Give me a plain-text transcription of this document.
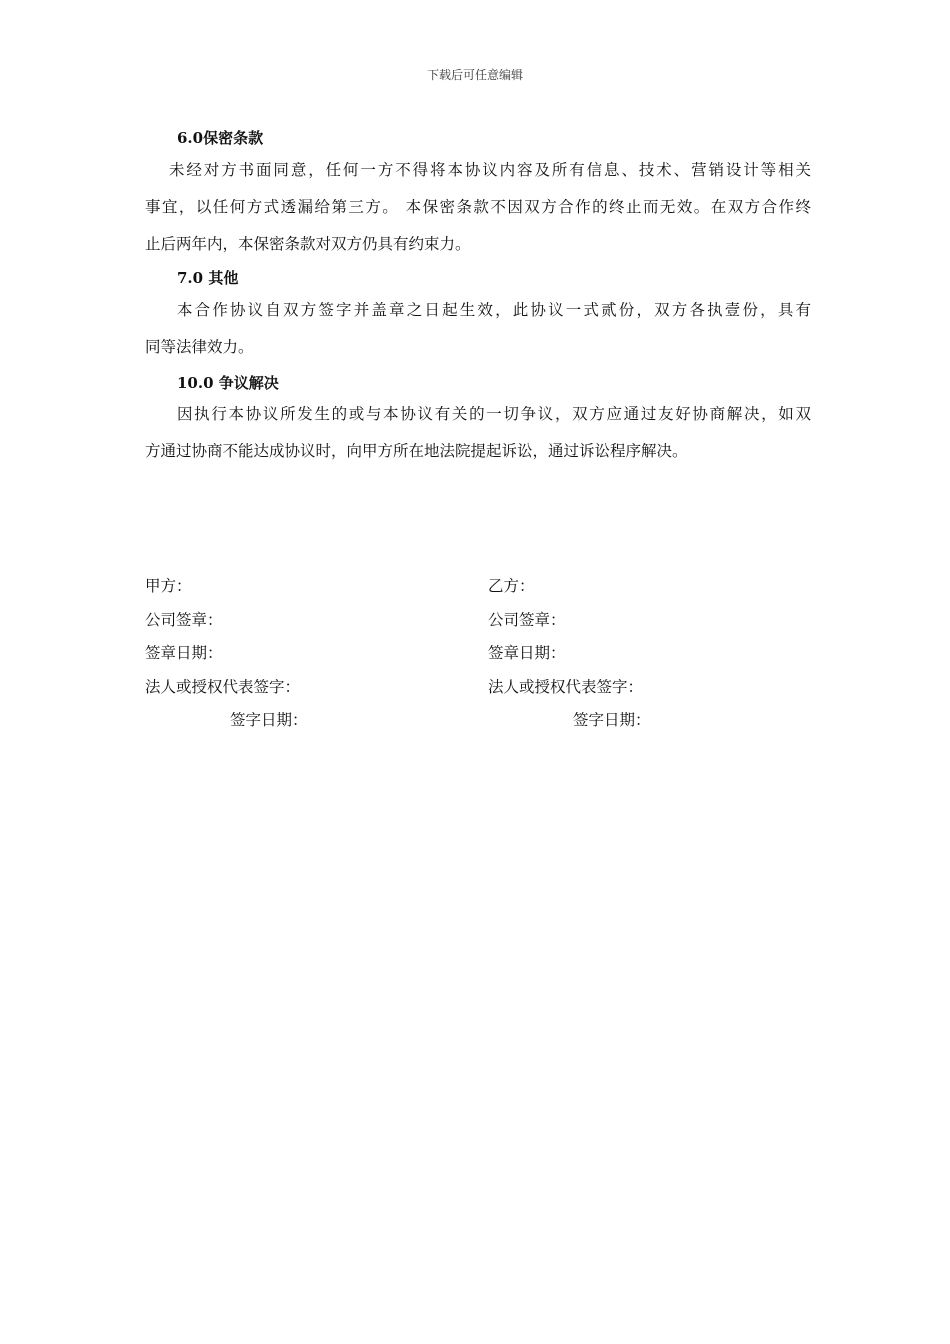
下载后可任意编辑
6.0保密条款
未经对方书面同意，任何一方不得将本协议内容及所有信息、技术、营销设计等相关
事宜，以任何方式透漏给第三方。 本保密条款不因双方合作的终止而无效。在双方合作终
止后两年内，本保密条款对双方仍具有约束力。
7.0 其他
本合作协议自双方签字并盖章之日起生效，此协议一式贰份，双方各执壹份，具有
同等法律效力。
10.0 争议解决
因执行本协议所发生的或与本协议有关的一切争议，双方应通过友好协商解决，如双
方通过协商不能达成协议时，向甲方所在地法院提起诉讼，通过诉讼程序解决。
甲方：
公司签章：
签章日期：
法人或授权代表签字：
签字日期：
乙方：
公司签章：
签章日期：
法人或授权代表签字：
签字日期：
